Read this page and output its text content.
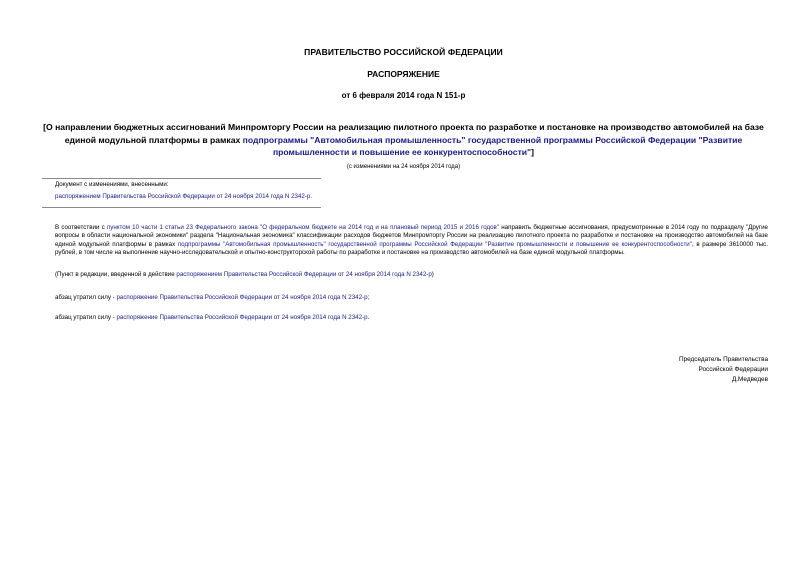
ПРАВИТЕЛЬСТВО РОССИЙСКОЙ ФЕДЕРАЦИИ
РАСПОРЯЖЕНИЕ
от 6 февраля 2014 года N 151-р
[О направлении бюджетных ассигнований Минпромторгу России на реализацию пилотного проекта по разработке и постановке на производство автомобилей на базе единой модульной платформы в рамках подпрограммы "Автомобильная промышленность" государственной программы Российской Федерации "Развитие промышленности и повышение ее конкурентоспособности"]
(с изменениями на 24 ноября 2014 года)
Документ с изменениями, внесенными:
распоряжением Правительства Российской Федерации от 24 ноября 2014 года N 2342-р.
В соответствии с пунктом 10 части 1 статьи 23 Федерального закона "О федеральном бюджете на 2014 год и на плановый период 2015 и 2016 годов" направить бюджетные ассигнования, предусмотренные в 2014 году по подразделу "Другие вопросы в области национальной экономики" раздела "Национальная экономика" классификации расходов бюджетов Минпромторгу России на реализацию пилотного проекта по разработке и постановке на производство автомобилей на базе единой модульной платформы в рамках подпрограммы "Автомобильная промышленность" государственной программы Российской Федерации "Развитие промышленности и повышение ее конкурентоспособности", в размере 3610000 тыс. рублей, в том числе на выполнение научно-исследовательской и опытно-конструкторской работы по разработке и постановке на производство автомобилей на базе единой модульной платформы.
(Пункт в редакции, введенной в действие распоряжением Правительства Российской Федерации от 24 ноября 2014 года N 2342-р)
абзац утратил силу - распоряжение Правительства Российской Федерации от 24 ноября 2014 года N 2342-р;
абзац утратил силу - распоряжение Правительства Российской Федерации от 24 ноября 2014 года N 2342-р.
Председатель Правительства
Российской Федерации
Д.Медведев
